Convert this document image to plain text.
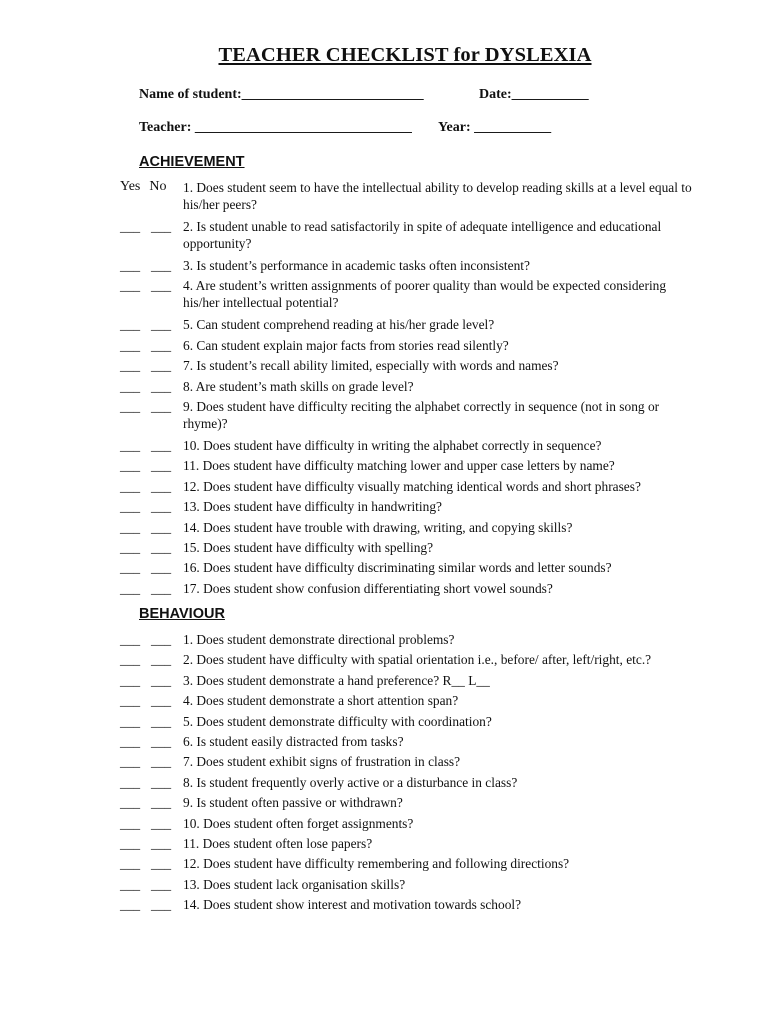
TEACHER CHECKLIST for DYSLEXIA
Name of student:__________________________	Date:___________
Teacher: _______________________________ Year: ___________
ACHIEVEMENT
Yes No 1. Does student seem to have the intellectual ability to develop reading skills at a level equal to his/her peers?
___ ___ 2. Is student unable to read satisfactorily in spite of adequate intelligence and educational opportunity?
___ ___ 3. Is student’s performance in academic tasks often inconsistent?
___ ___ 4. Are student’s written assignments of poorer quality than would be expected considering his/her intellectual potential?
___ ___ 5. Can student comprehend reading at his/her grade level?
___ ___ 6. Can student explain major facts from stories read silently?
___ ___ 7. Is student’s recall ability limited, especially with words and names?
___ ___ 8. Are student’s math skills on grade level?
___ ___ 9. Does student have difficulty reciting the alphabet correctly in sequence (not in song or rhyme)?
___ ___ 10. Does student have difficulty in writing the alphabet correctly in sequence?
___ ___ 11. Does student have difficulty matching lower and upper case letters by name?
___ ___ 12. Does student have difficulty visually matching identical words and short phrases?
___ ___ 13. Does student have difficulty in handwriting?
___ ___ 14. Does student have trouble with drawing, writing, and copying skills?
___ ___ 15. Does student have difficulty with spelling?
___ ___ 16. Does student have difficulty discriminating similar words and letter sounds?
___ ___ 17. Does student show confusion differentiating short vowel sounds?
BEHAVIOUR
___ ___ 1. Does student demonstrate directional problems?
___ ___ 2. Does student have difficulty with spatial orientation i.e., before/ after, left/right, etc.?
___ ___ 3. Does student demonstrate a hand preference? R__ L__
___ ___ 4. Does student demonstrate a short attention span?
___ ___ 5. Does student demonstrate difficulty with coordination?
___ ___ 6. Is student easily distracted from tasks?
___ ___ 7. Does student exhibit signs of frustration in class?
___ ___ 8. Is student frequently overly active or a disturbance in class?
___ ___ 9. Is student often passive or withdrawn?
___ ___ 10. Does student often forget assignments?
___ ___ 11. Does student often lose papers?
___ ___ 12. Does student have difficulty remembering and following directions?
___ ___ 13. Does student lack organisation skills?
___ ___ 14. Does student show interest and motivation towards school?
